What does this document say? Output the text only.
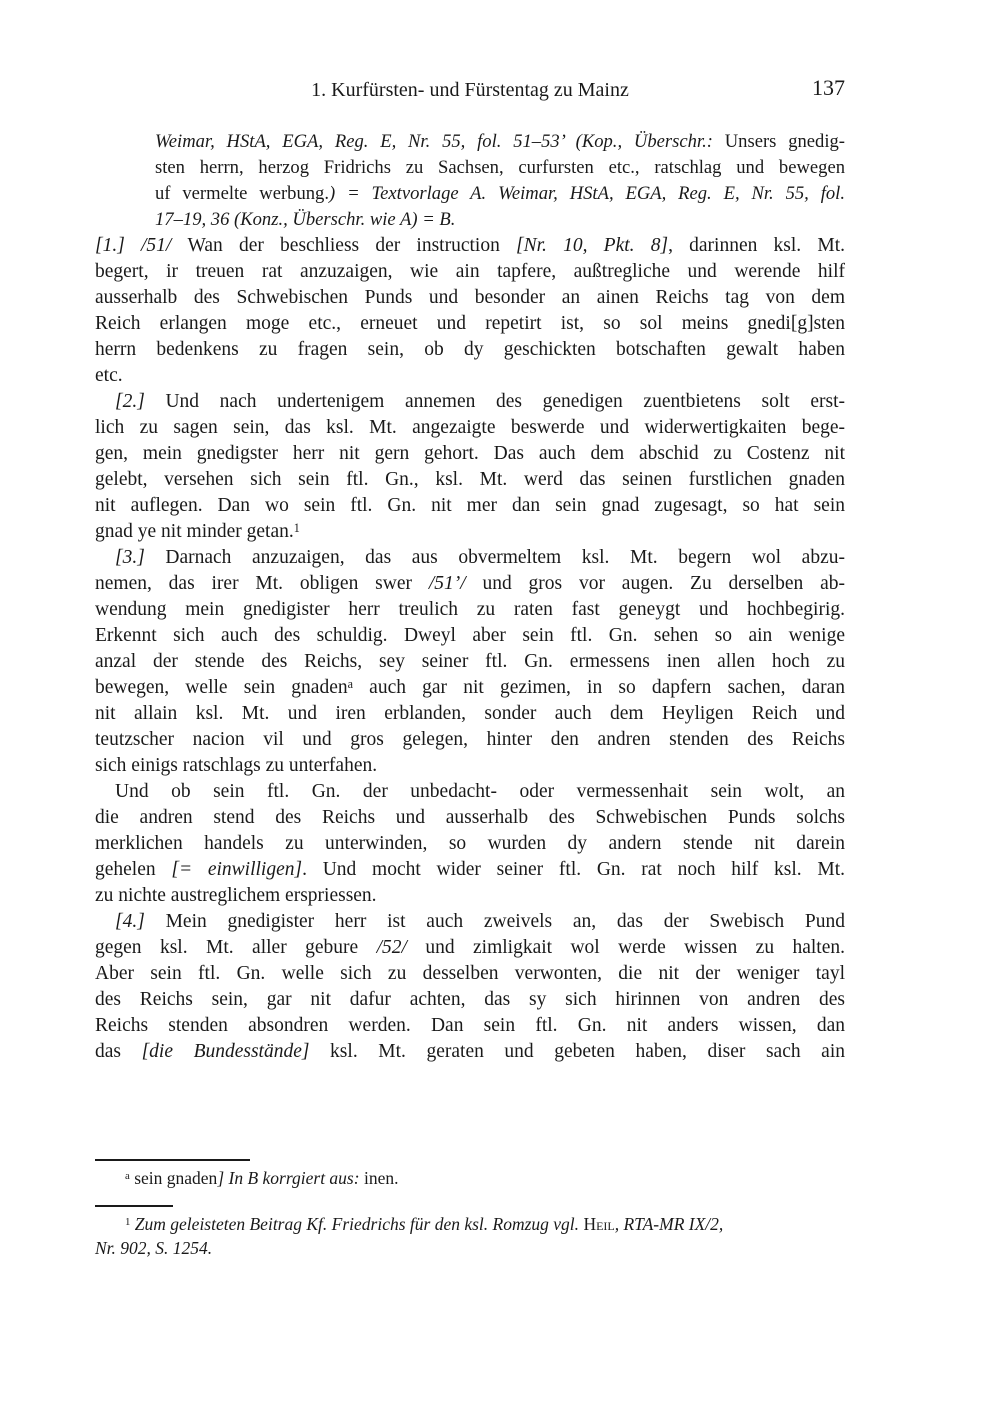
1. Kurfürsten- und Fürstentag zu Mainz	137

Weimar, HStA, EGA, Reg. E, Nr. 55, fol. 51–53’ (Kop., Überschr.: Unsers gnedig-
sten herrn, herzog Fridrichs zu Sachsen, curfursten etc., ratschlag und bewegen
uf vermelte werbung.) = Textvorlage A. Weimar, HStA, EGA, Reg. E, Nr. 55, fol.
17–19, 36 (Konz., Überschr. wie A) = B.

[1.] /51/ Wan der beschliess der instruction [Nr. 10, Pkt. 8], darinnen ksl. Mt.
begert, ir treuen rat anzuzaigen, wie ain tapfere, außtregliche und werende hilf
ausserhalb des Schwebischen Punds und besonder an ainen Reichs tag von dem
Reich erlangen moge etc., erneuet und repetirt ist, so sol meins gnedi[g]sten
herrn bedenkens zu fragen sein, ob dy geschickten botschaften gewalt haben
etc.

[2.] Und nach undertenigem annemen des genedigen zuentbietens solt erst-
lich zu sagen sein, das ksl. Mt. angezaigte beswerde und widerwertigkaiten bege-
gen, mein gnedigster herr nit gern gehort. Das auch dem abschid zu Costenz nit
gelebt, versehen sich sein ftl. Gn., ksl. Mt. werd das seinen furstlichen gnaden
nit auflegen. Dan wo sein ftl. Gn. nit mer dan sein gnad zugesagt, so hat sein
gnad ye nit minder getan.$^1$

[3.] Darnach anzuzaigen, das aus obvermeltem ksl. Mt. begern wol abzu-
nemen, das irer Mt. obligen swer /51’/ und gros vor augen. Zu derselben ab-
wendung mein gnedigister herr treulich zu raten fast geneygt und hochbegirig.
Erkennt sich auch des schuldig. Dweyl aber sein ftl. Gn. sehen so ain wenige
anzal der stende des Reichs, sey seiner ftl. Gn. ermessens inen allen hoch zu
bewegen, welle sein gnaden$^a$ auch gar nit gezimen, in so dapfern sachen, daran
nit allain ksl. Mt. und iren erblanden, sonder auch dem Heyligen Reich und
teutzscher nacion vil und gros gelegen, hinter den andren stenden des Reichs
sich einigs ratschlags zu unterfahen.

Und ob sein ftl. Gn. der unbedacht- oder vermessenhait sein wolt, an
die andren stend des Reichs und ausserhalb des Schwebischen Punds solchs
merklichen handels zu unterwinden, so wurden dy andern stende nit darein
gehelen [= einwilligen]. Und mocht wider seiner ftl. Gn. rat noch hilf ksl. Mt.
zu nichte austreglichem erspriessen.

[4.] Mein gnedigister herr ist auch zweivels an, das der Swebisch Pund
gegen ksl. Mt. aller gebure /52/ und zimligkait wol werde wissen zu halten.
Aber sein ftl. Gn. welle sich zu desselben verwonten, die nit der weniger tayl
des Reichs sein, gar nit dafur achten, das sy sich hirinnen von andren des
Reichs stenden absondren werden. Dan sein ftl. Gn. nit anders wissen, dan
das [die Bundesstände] ksl. Mt. geraten und gebeten haben, diser sach ain

$^a$ sein gnaden] In B korrgiert aus: inen.

$^1$ Zum geleisteten Beitrag Kf. Friedrichs für den ksl. Romzug vgl. Heil, RTA-MR IX/2,
Nr. 902, S. 1254.
